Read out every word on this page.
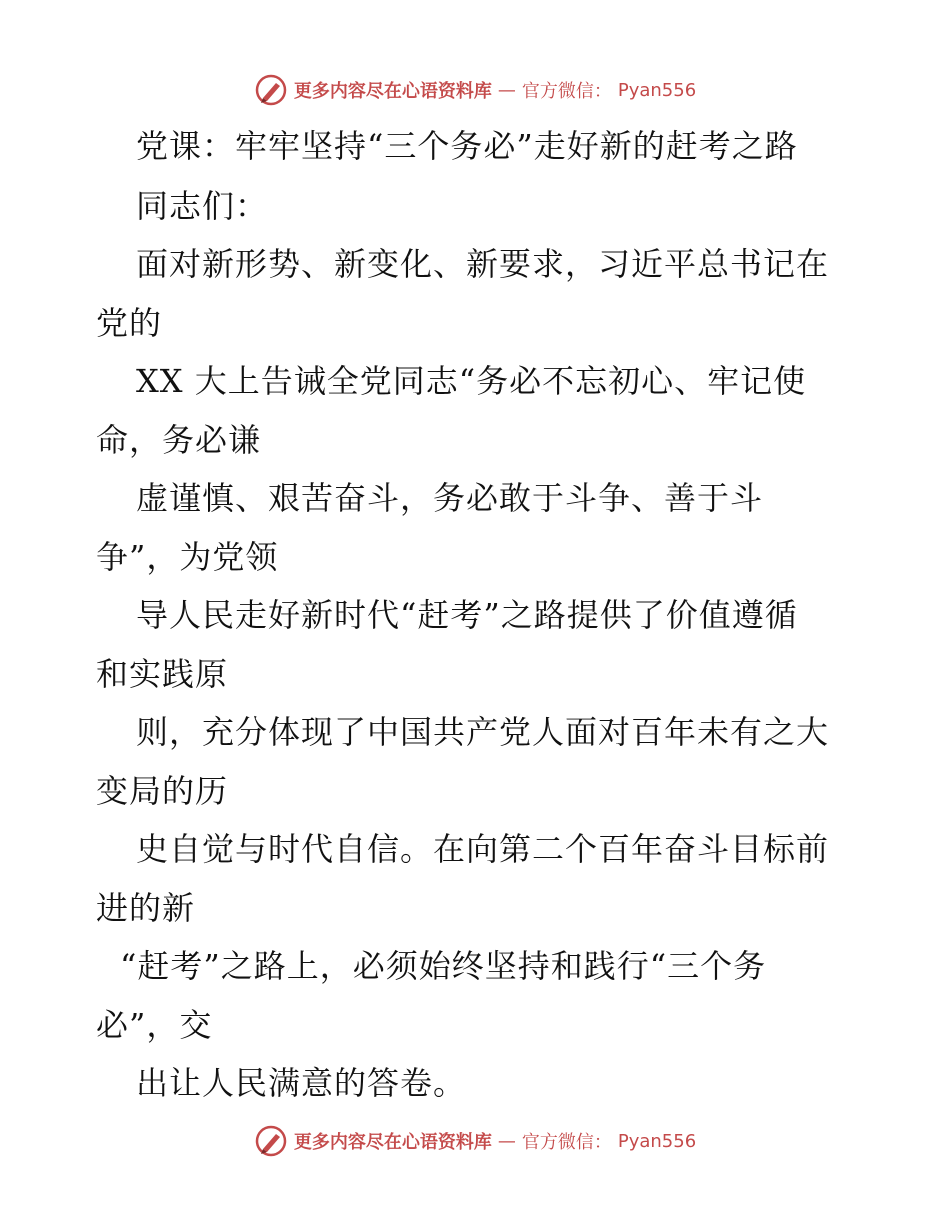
更多内容尽在心语资料库 — 官方微信： Pyan556
党课：牢牢坚持“三个务必”走好新的赶考之路
同志们：
面对新形势、新变化、新要求，习近平总书记在
党的
XX 大上告诫全党同志“务必不忘初心、牢记使
命，务必谦
虚谨慎、艰苦奋斗，务必敢于斗争、善于斗
争”，为党领
导人民走好新时代“赶考”之路提供了价值遵循
和实践原
则，充分体现了中国共产党人面对百年未有之大
变局的历
史自觉与时代自信。在向第二个百年奋斗目标前
进的新
“赶考”之路上，必须始终坚持和践行“三个务
必”，交
出让人民满意的答卷。
更多内容尽在心语资料库 — 官方微信： Pyan556
